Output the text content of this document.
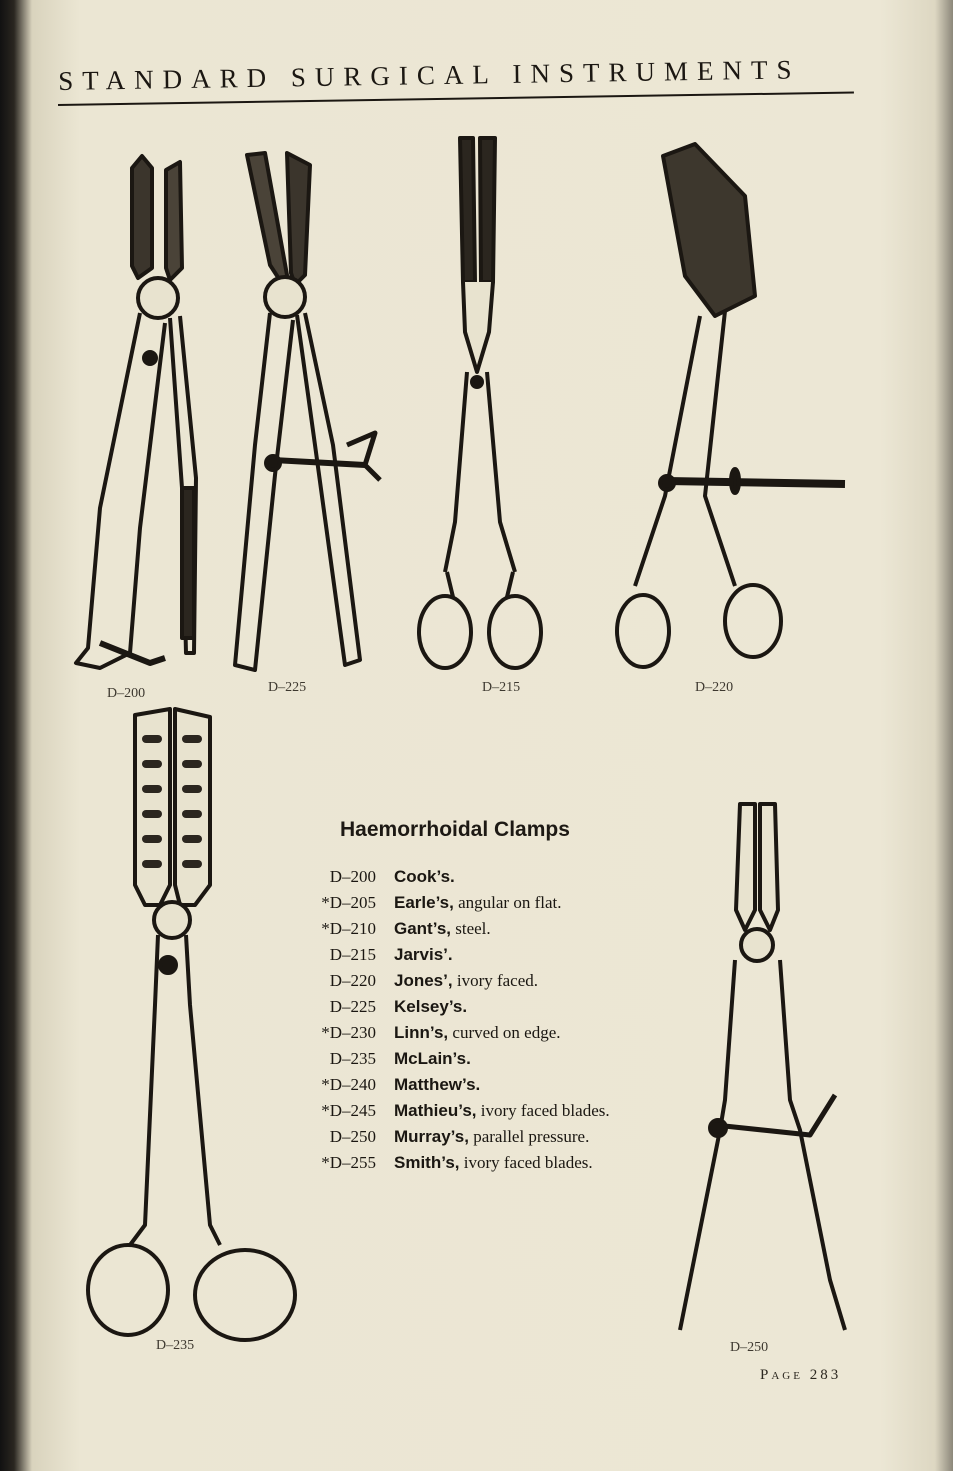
STANDARD SURGICAL INSTRUMENTS
D–200	D–225	D–215	D–220
D–235	D–250
Haemorrhoidal Clamps
D–200	Cook’s.
*D–205	Earle’s, angular on flat.
*D–210	Gant’s, steel.
D–215	Jarvis’.
D–220	Jones’, ivory faced.
D–225	Kelsey’s.
*D–230	Linn’s, curved on edge.
D–235	McLain’s.
*D–240	Matthew’s.
*D–245	Mathieu’s, ivory faced blades.
D–250	Murray’s, parallel pressure.
*D–255	Smith’s, ivory faced blades.
Page 283
